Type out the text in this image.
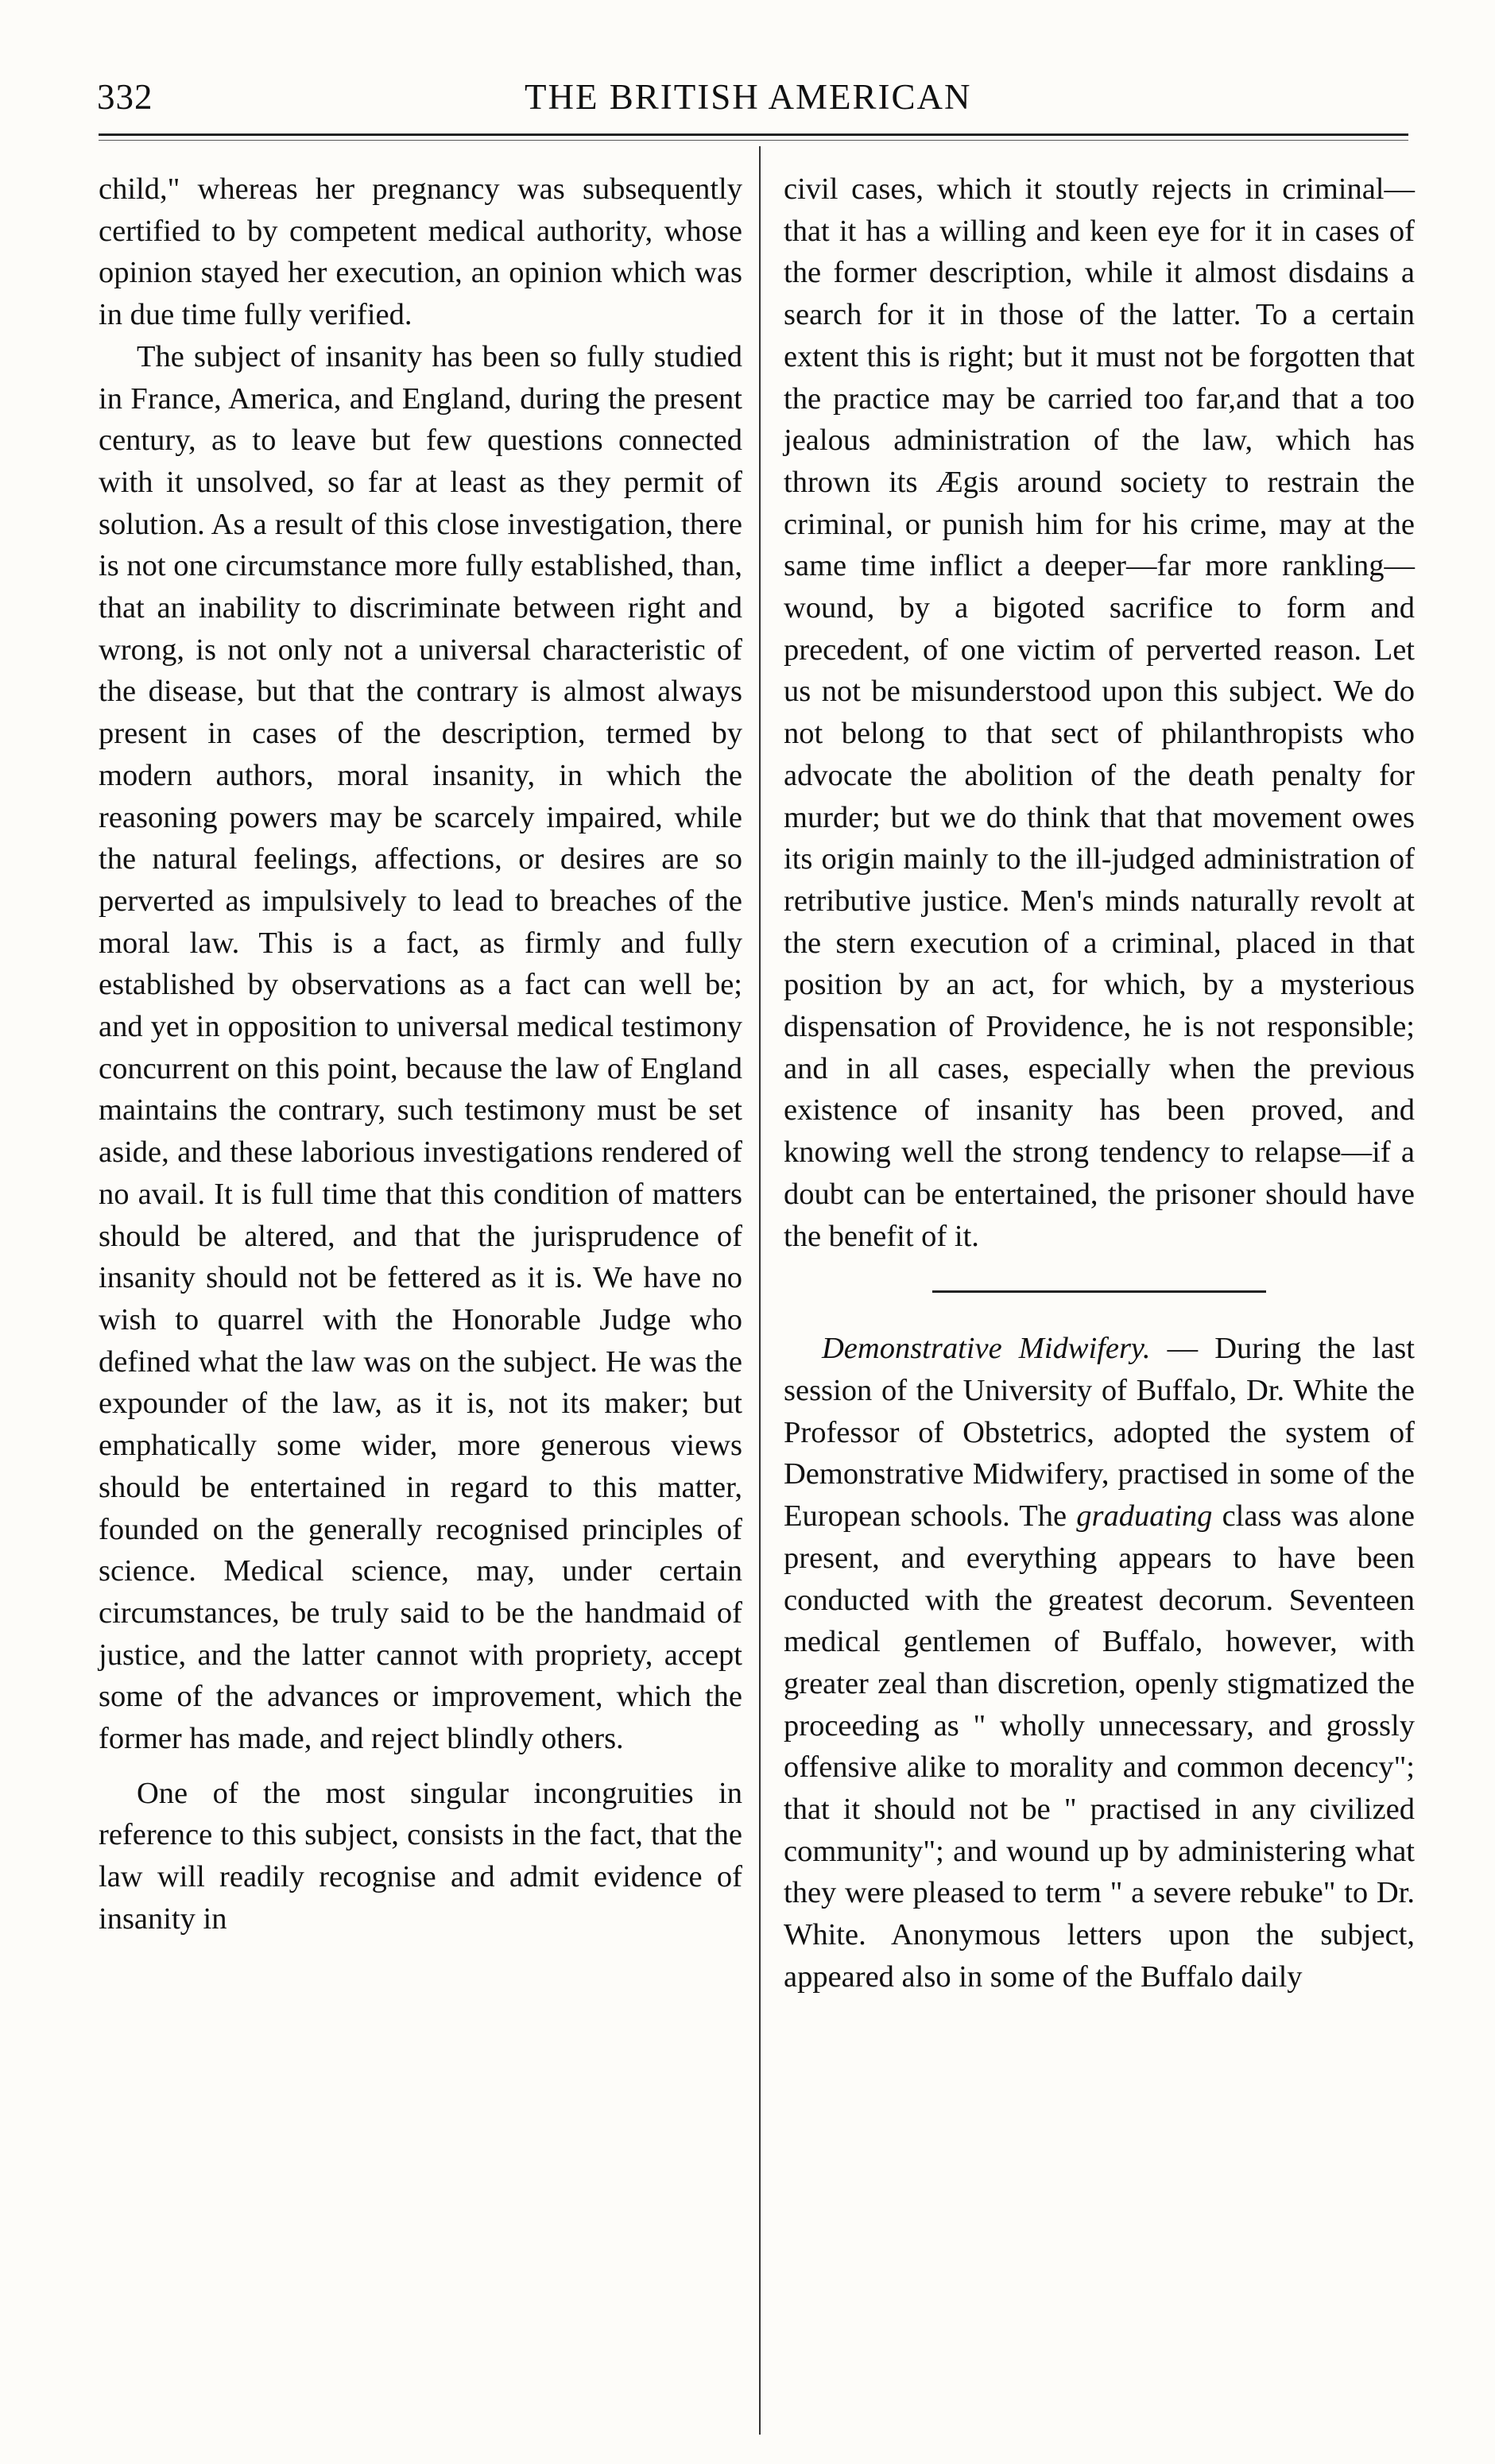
332	THE BRITISH AMERICAN

child," whereas her pregnancy was subsequently certified to by competent medical authority, whose opinion stayed her execution, an opinion which was in due time fully verified.

The subject of insanity has been so fully studied in France, America, and England, during the present century, as to leave but few questions connected with it unsolved, so far at least as they permit of solution. As a result of this close investigation, there is not one circumstance more fully established, than, that an inability to discriminate between right and wrong, is not only not a universal characteristic of the disease, but that the contrary is almost always present in cases of the description, termed by modern authors, moral insanity, in which the reasoning powers may be scarcely impaired, while the natural feelings, affections, or desires are so perverted as impulsively to lead to breaches of the moral law. This is a fact, as firmly and fully established by observations as a fact can well be; and yet in opposition to universal medical testimony concurrent on this point, because the law of England maintains the contrary, such testimony must be set aside, and these laborious investigations rendered of no avail. It is full time that this condition of matters should be altered, and that the jurisprudence of insanity should not be fettered as it is. We have no wish to quarrel with the Honorable Judge who defined what the law was on the subject. He was the expounder of the law, as it is, not its maker; but emphatically some wider, more generous views should be entertained in regard to this matter, founded on the generally recognised principles of science. Medical science, may, under certain circumstances, be truly said to be the handmaid of justice, and the latter cannot with propriety, accept some of the advances or improvement, which the former has made, and reject blindly others.

One of the most singular incongruities in reference to this subject, consists in the fact, that the law will readily recognise and admit evidence of insanity in

civil cases, which it stoutly rejects in criminal—that it has a willing and keen eye for it in cases of the former description, while it almost disdains a search for it in those of the latter. To a certain extent this is right; but it must not be forgotten that the practice may be carried too far,and that a too jealous administration of the law, which has thrown its Ægis around society to restrain the criminal, or punish him for his crime, may at the same time inflict a deeper—far more rankling—wound, by a bigoted sacrifice to form and precedent, of one victim of perverted reason. Let us not be misunderstood upon this subject. We do not belong to that sect of philanthropists who advocate the abolition of the death penalty for murder; but we do think that that movement owes its origin mainly to the ill-judged administration of retributive justice. Men's minds naturally revolt at the stern execution of a criminal, placed in that position by an act, for which, by a mysterious dispensation of Providence, he is not responsible; and in all cases, especially when the previous existence of insanity has been proved, and knowing well the strong tendency to relapse—if a doubt can be entertained, the prisoner should have the benefit of it.

Demonstrative Midwifery. — During the last session of the University of Buffalo, Dr. White the Professor of Obstetrics, adopted the system of Demonstrative Midwifery, practised in some of the European schools. The graduating class was alone present, and everything appears to have been conducted with the greatest decorum. Seventeen medical gentlemen of Buffalo, however, with greater zeal than discretion, openly stigmatized the proceeding as " wholly unnecessary, and grossly offensive alike to morality and common decency"; that it should not be " practised in any civilized community"; and wound up by administering what they were pleased to term " a severe rebuke" to Dr. White. Anonymous letters upon the subject, appeared also in some of the Buffalo daily
